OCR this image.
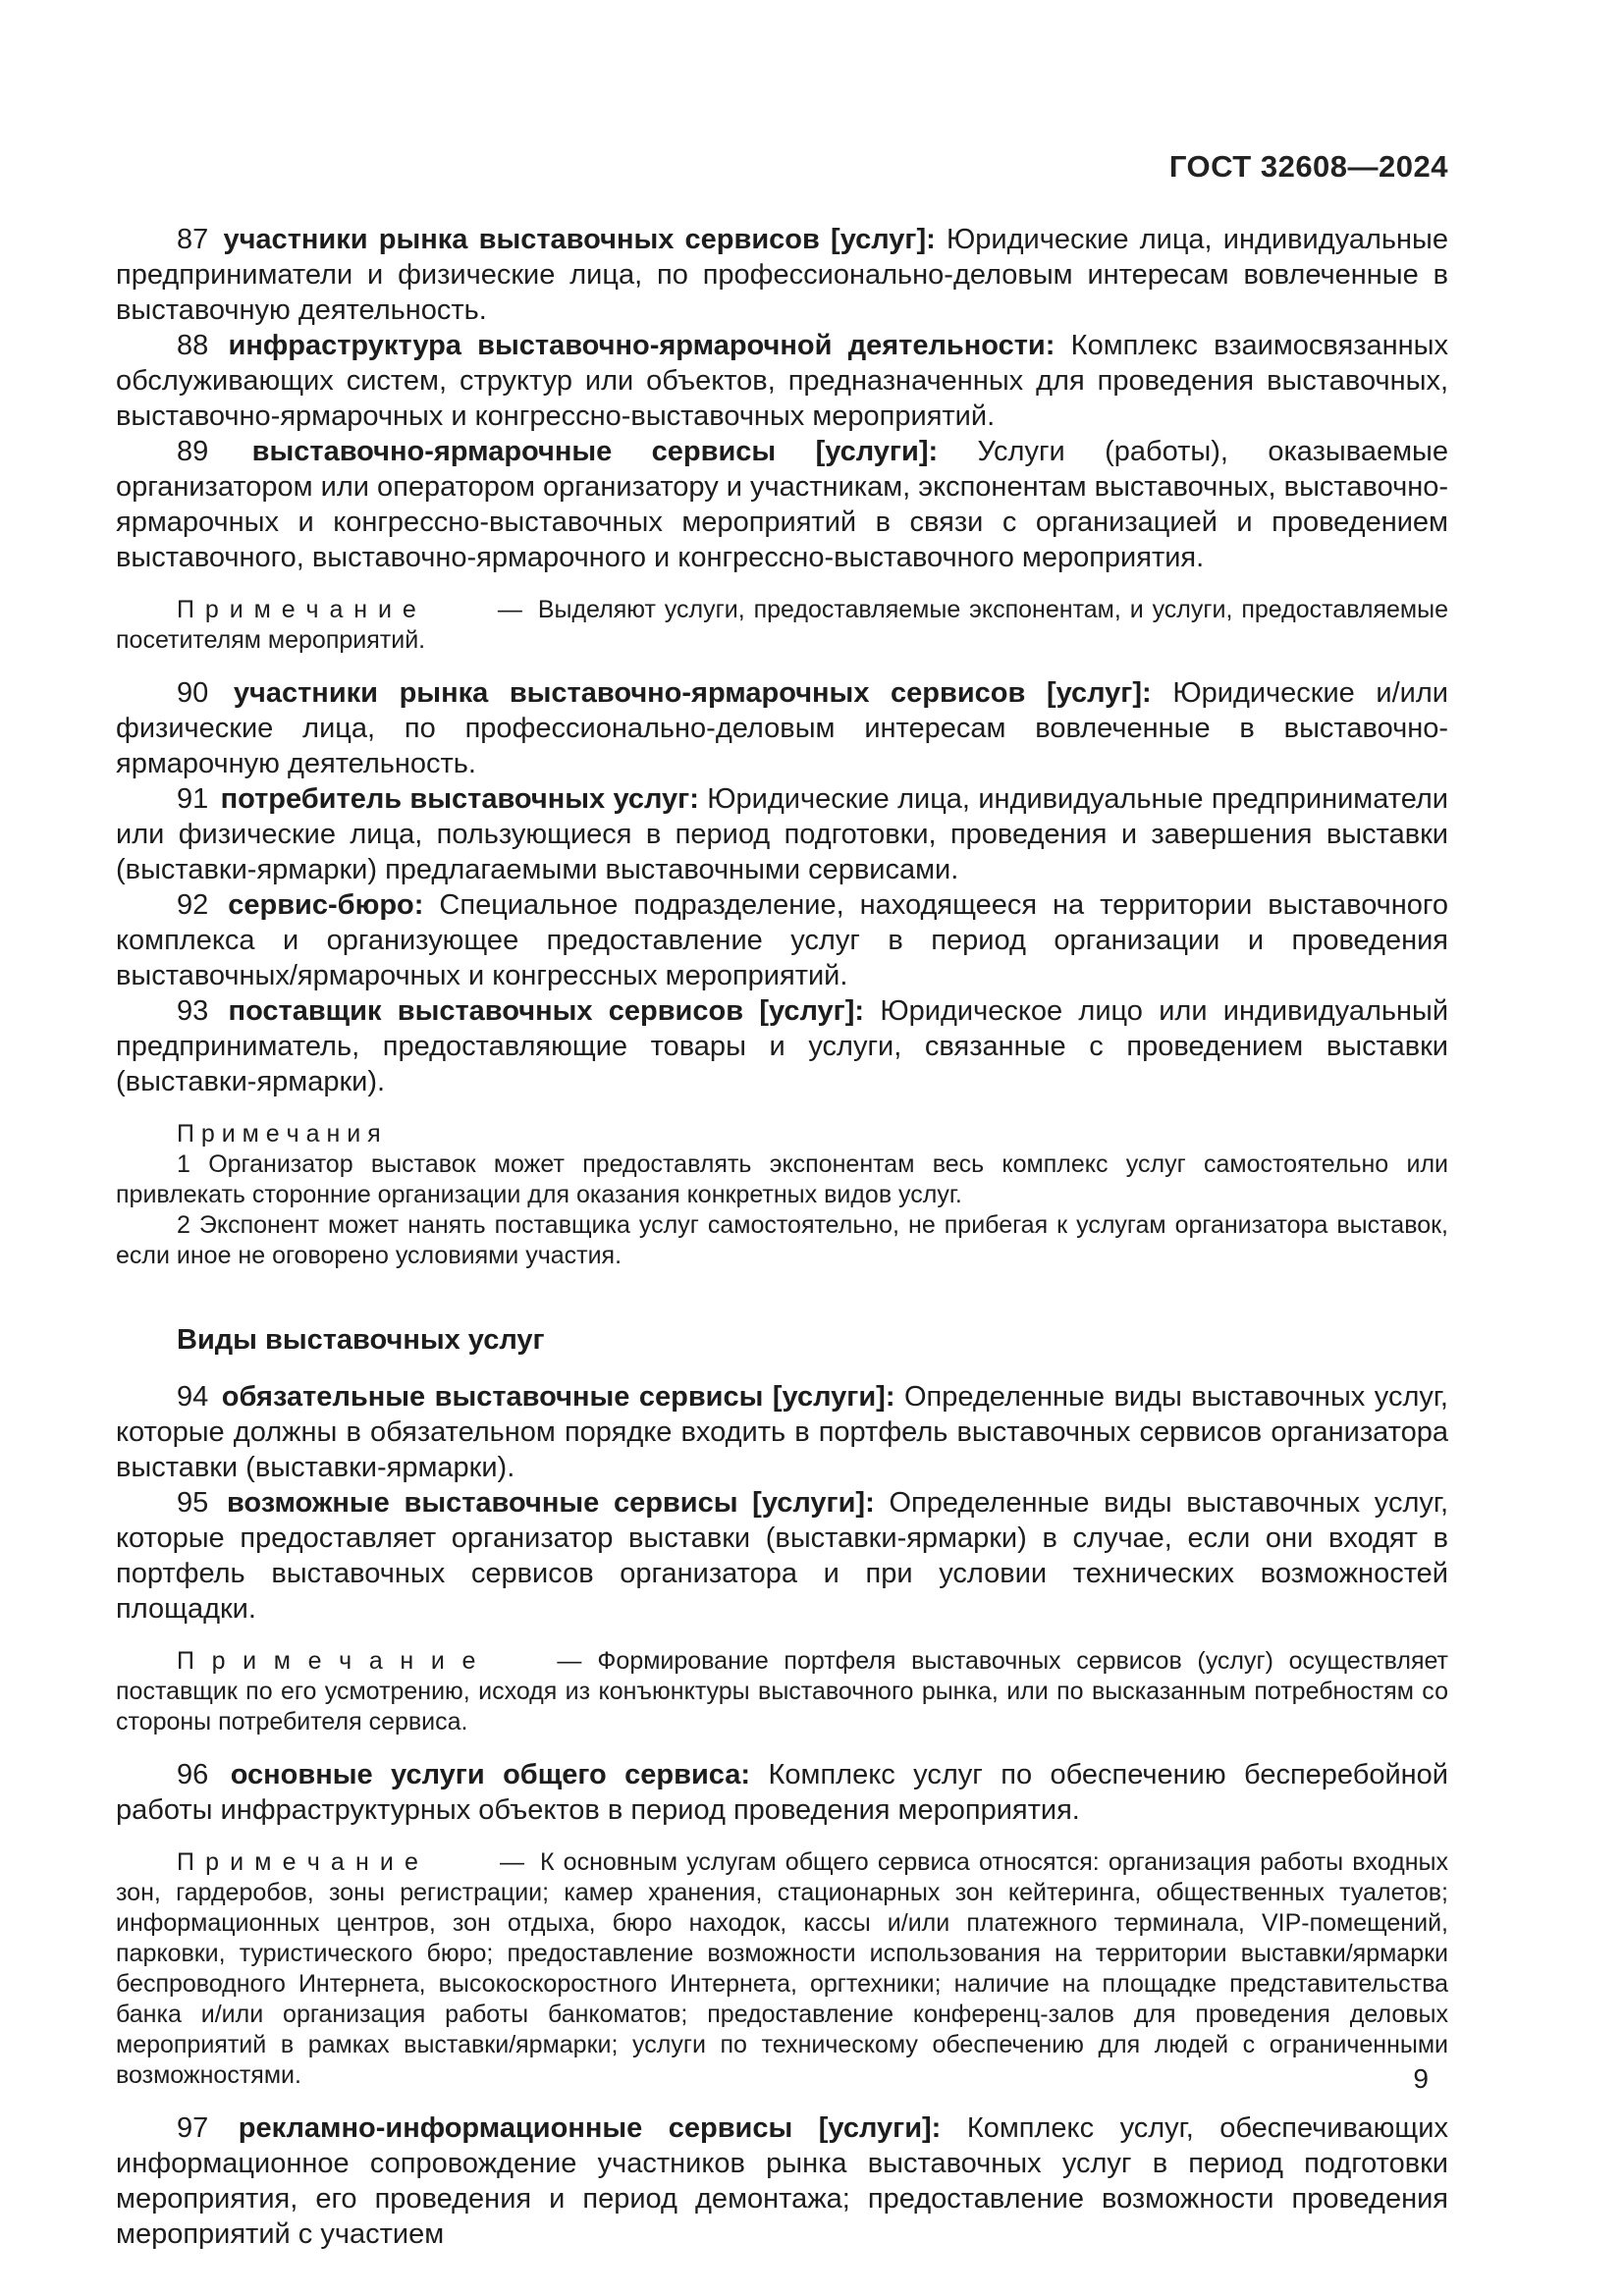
ГОСТ 32608—2024

87 участники рынка выставочных сервисов [услуг]: Юридические лица, индивидуальные предприниматели и физические лица, по профессионально-деловым интересам вовлеченные в выставочную деятельность.

88 инфраструктура выставочно-ярмарочной деятельности: Комплекс взаимосвязанных обслуживающих систем, структур или объектов, предназначенных для проведения выставочных, выставочно-ярмарочных и конгрессно-выставочных мероприятий.

89 выставочно-ярмарочные сервисы [услуги]: Услуги (работы), оказываемые организатором или оператором организатору и участникам, экспонентам выставочных, выставочно-ярмарочных и конгрессно-выставочных мероприятий в связи с организацией и проведением выставочного, выставочно-ярмарочного и конгрессно-выставочного мероприятия.

П р и м е ч а н и е	— Выделяют услуги, предоставляемые экспонентам, и услуги, предоставляемые посетителям мероприятий.

90 участники рынка выставочно-ярмарочных сервисов [услуг]: Юридические и/или физические лица, по профессионально-деловым интересам вовлеченные в выставочно-ярмарочную деятельность.

91 потребитель выставочных услуг: Юридические лица, индивидуальные предприниматели или физические лица, пользующиеся в период подготовки, проведения и завершения выставки (выставки-ярмарки) предлагаемыми выставочными сервисами.

92 сервис-бюро: Специальное подразделение, находящееся на территории выставочного комплекса и организующее предоставление услуг в период организации и проведения выставочных/ярмарочных и конгрессных мероприятий.

93 поставщик выставочных сервисов [услуг]: Юридическое лицо или индивидуальный предприниматель, предоставляющие товары и услуги, связанные с проведением выставки (выставки-ярмарки).

П р и м е ч а н и я

1 Организатор выставок может предоставлять экспонентам весь комплекс услуг самостоятельно или привлекать сторонние организации для оказания конкретных видов услуг.

2 Экспонент может нанять поставщика услуг самостоятельно, не прибегая к услугам организатора выставок, если иное не оговорено условиями участия.

Виды выставочных услуг

94 обязательные выставочные сервисы [услуги]: Определенные виды выставочных услуг, которые должны в обязательном порядке входить в портфель выставочных сервисов организатора выставки (выставки-ярмарки).

95 возможные выставочные сервисы [услуги]: Определенные виды выставочных услуг, которые предоставляет организатор выставки (выставки-ярмарки) в случае, если они входят в портфель выставочных сервисов организатора и при условии технических возможностей площадки.

П р и м е ч а н и е	— Формирование портфеля выставочных сервисов (услуг) осуществляет поставщик по его усмотрению, исходя из конъюнктуры выставочного рынка, или по высказанным потребностям со стороны потребителя сервиса.

96 основные услуги общего сервиса: Комплекс услуг по обеспечению бесперебойной работы инфраструктурных объектов в период проведения мероприятия.

П р и м е ч а н и е	— К основным услугам общего сервиса относятся: организация работы входных зон, гардеробов, зоны регистрации; камер хранения, стационарных зон кейтеринга, общественных туалетов; информационных центров, зон отдыха, бюро находок, кассы и/или платежного терминала, VIP-помещений, парковки, туристического бюро; предоставление возможности использования на территории выставки/ярмарки беспроводного Интернета, высокоскоростного Интернета, оргтехники; наличие на площадке представительства банка и/или организация работы банкоматов; предоставление конференц-залов для проведения деловых мероприятий в рамках выставки/ярмарки; услуги по техническому обеспечению для людей с ограниченными возможностями.

97 рекламно-информационные сервисы [услуги]: Комплекс услуг, обеспечивающих информационное сопровождение участников рынка выставочных услуг в период подготовки мероприятия, его проведения и период демонтажа; предоставление возможности проведения мероприятий с участием

9
